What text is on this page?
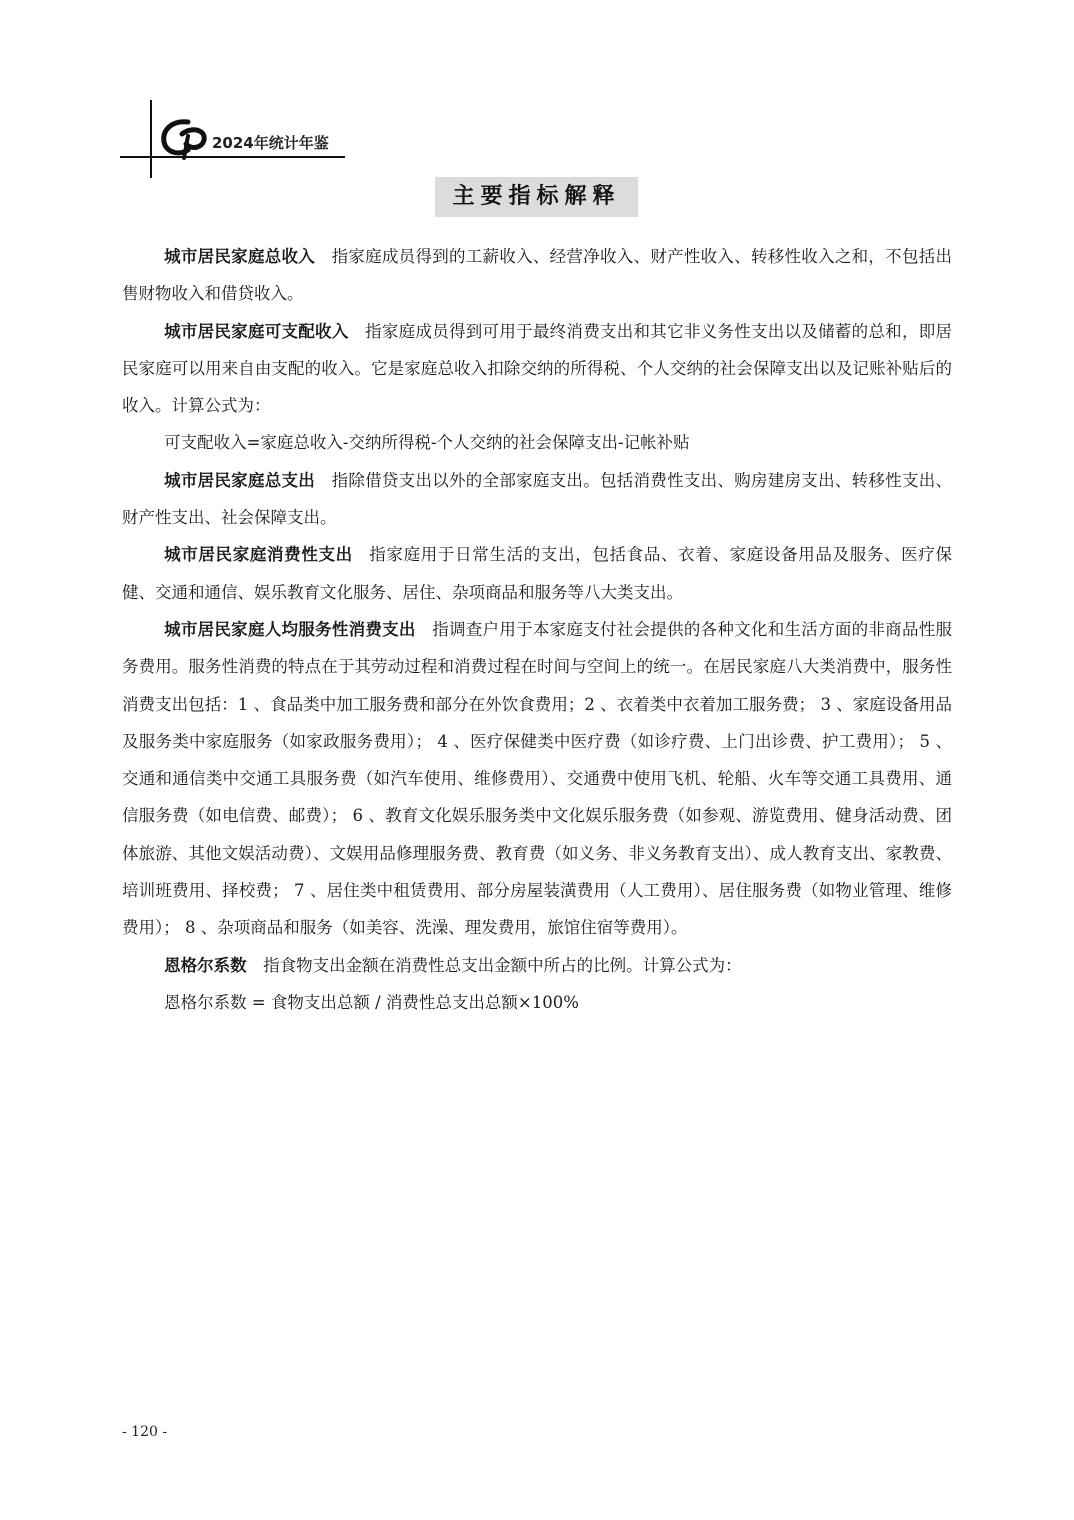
2024年统计年鉴
主要指标解释

城市居民家庭总收入 指家庭成员得到的工薪收入、经营净收入、财产性收入、转移性收入之和，不包括出售财物收入和借贷收入。

城市居民家庭可支配收入 指家庭成员得到可用于最终消费支出和其它非义务性支出以及储蓄的总和，即居民家庭可以用来自由支配的收入。它是家庭总收入扣除交纳的所得税、个人交纳的社会保障支出以及记账补贴后的收入。计算公式为：

可支配收入=家庭总收入-交纳所得税-个人交纳的社会保障支出-记帐补贴

城市居民家庭总支出 指除借贷支出以外的全部家庭支出。包括消费性支出、购房建房支出、转移性支出、财产性支出、社会保障支出。

城市居民家庭消费性支出 指家庭用于日常生活的支出，包括食品、衣着、家庭设备用品及服务、医疗保健、交通和通信、娱乐教育文化服务、居住、杂项商品和服务等八大类支出。

城市居民家庭人均服务性消费支出 指调查户用于本家庭支付社会提供的各种文化和生活方面的非商品性服务费用。服务性消费的特点在于其劳动过程和消费过程在时间与空间上的统一。在居民家庭八大类消费中，服务性消费支出包括：1 、食品类中加工服务费和部分在外饮食费用；2 、衣着类中衣着加工服务费； 3 、家庭设备用品及服务类中家庭服务（如家政服务费用）； 4 、医疗保健类中医疗费（如诊疗费、上门出诊费、护工费用）； 5 、交通和通信类中交通工具服务费（如汽车使用、维修费用）、交通费中使用飞机、轮船、火车等交通工具费用、通信服务费（如电信费、邮费）； 6 、教育文化娱乐服务类中文化娱乐服务费（如参观、游览费用、健身活动费、团体旅游、其他文娱活动费）、文娱用品修理服务费、教育费（如义务、非义务教育支出）、成人教育支出、家教费、培训班费用、择校费； 7 、居住类中租赁费用、部分房屋装潢费用（人工费用）、居住服务费（如物业管理、维修费用）； 8 、杂项商品和服务（如美容、洗澡、理发费用，旅馆住宿等费用）。

恩格尔系数 指食物支出金额在消费性总支出金额中所占的比例。计算公式为：

恩格尔系数 = 食物支出总额 / 消费性总支出总额×100%

- 120 -
